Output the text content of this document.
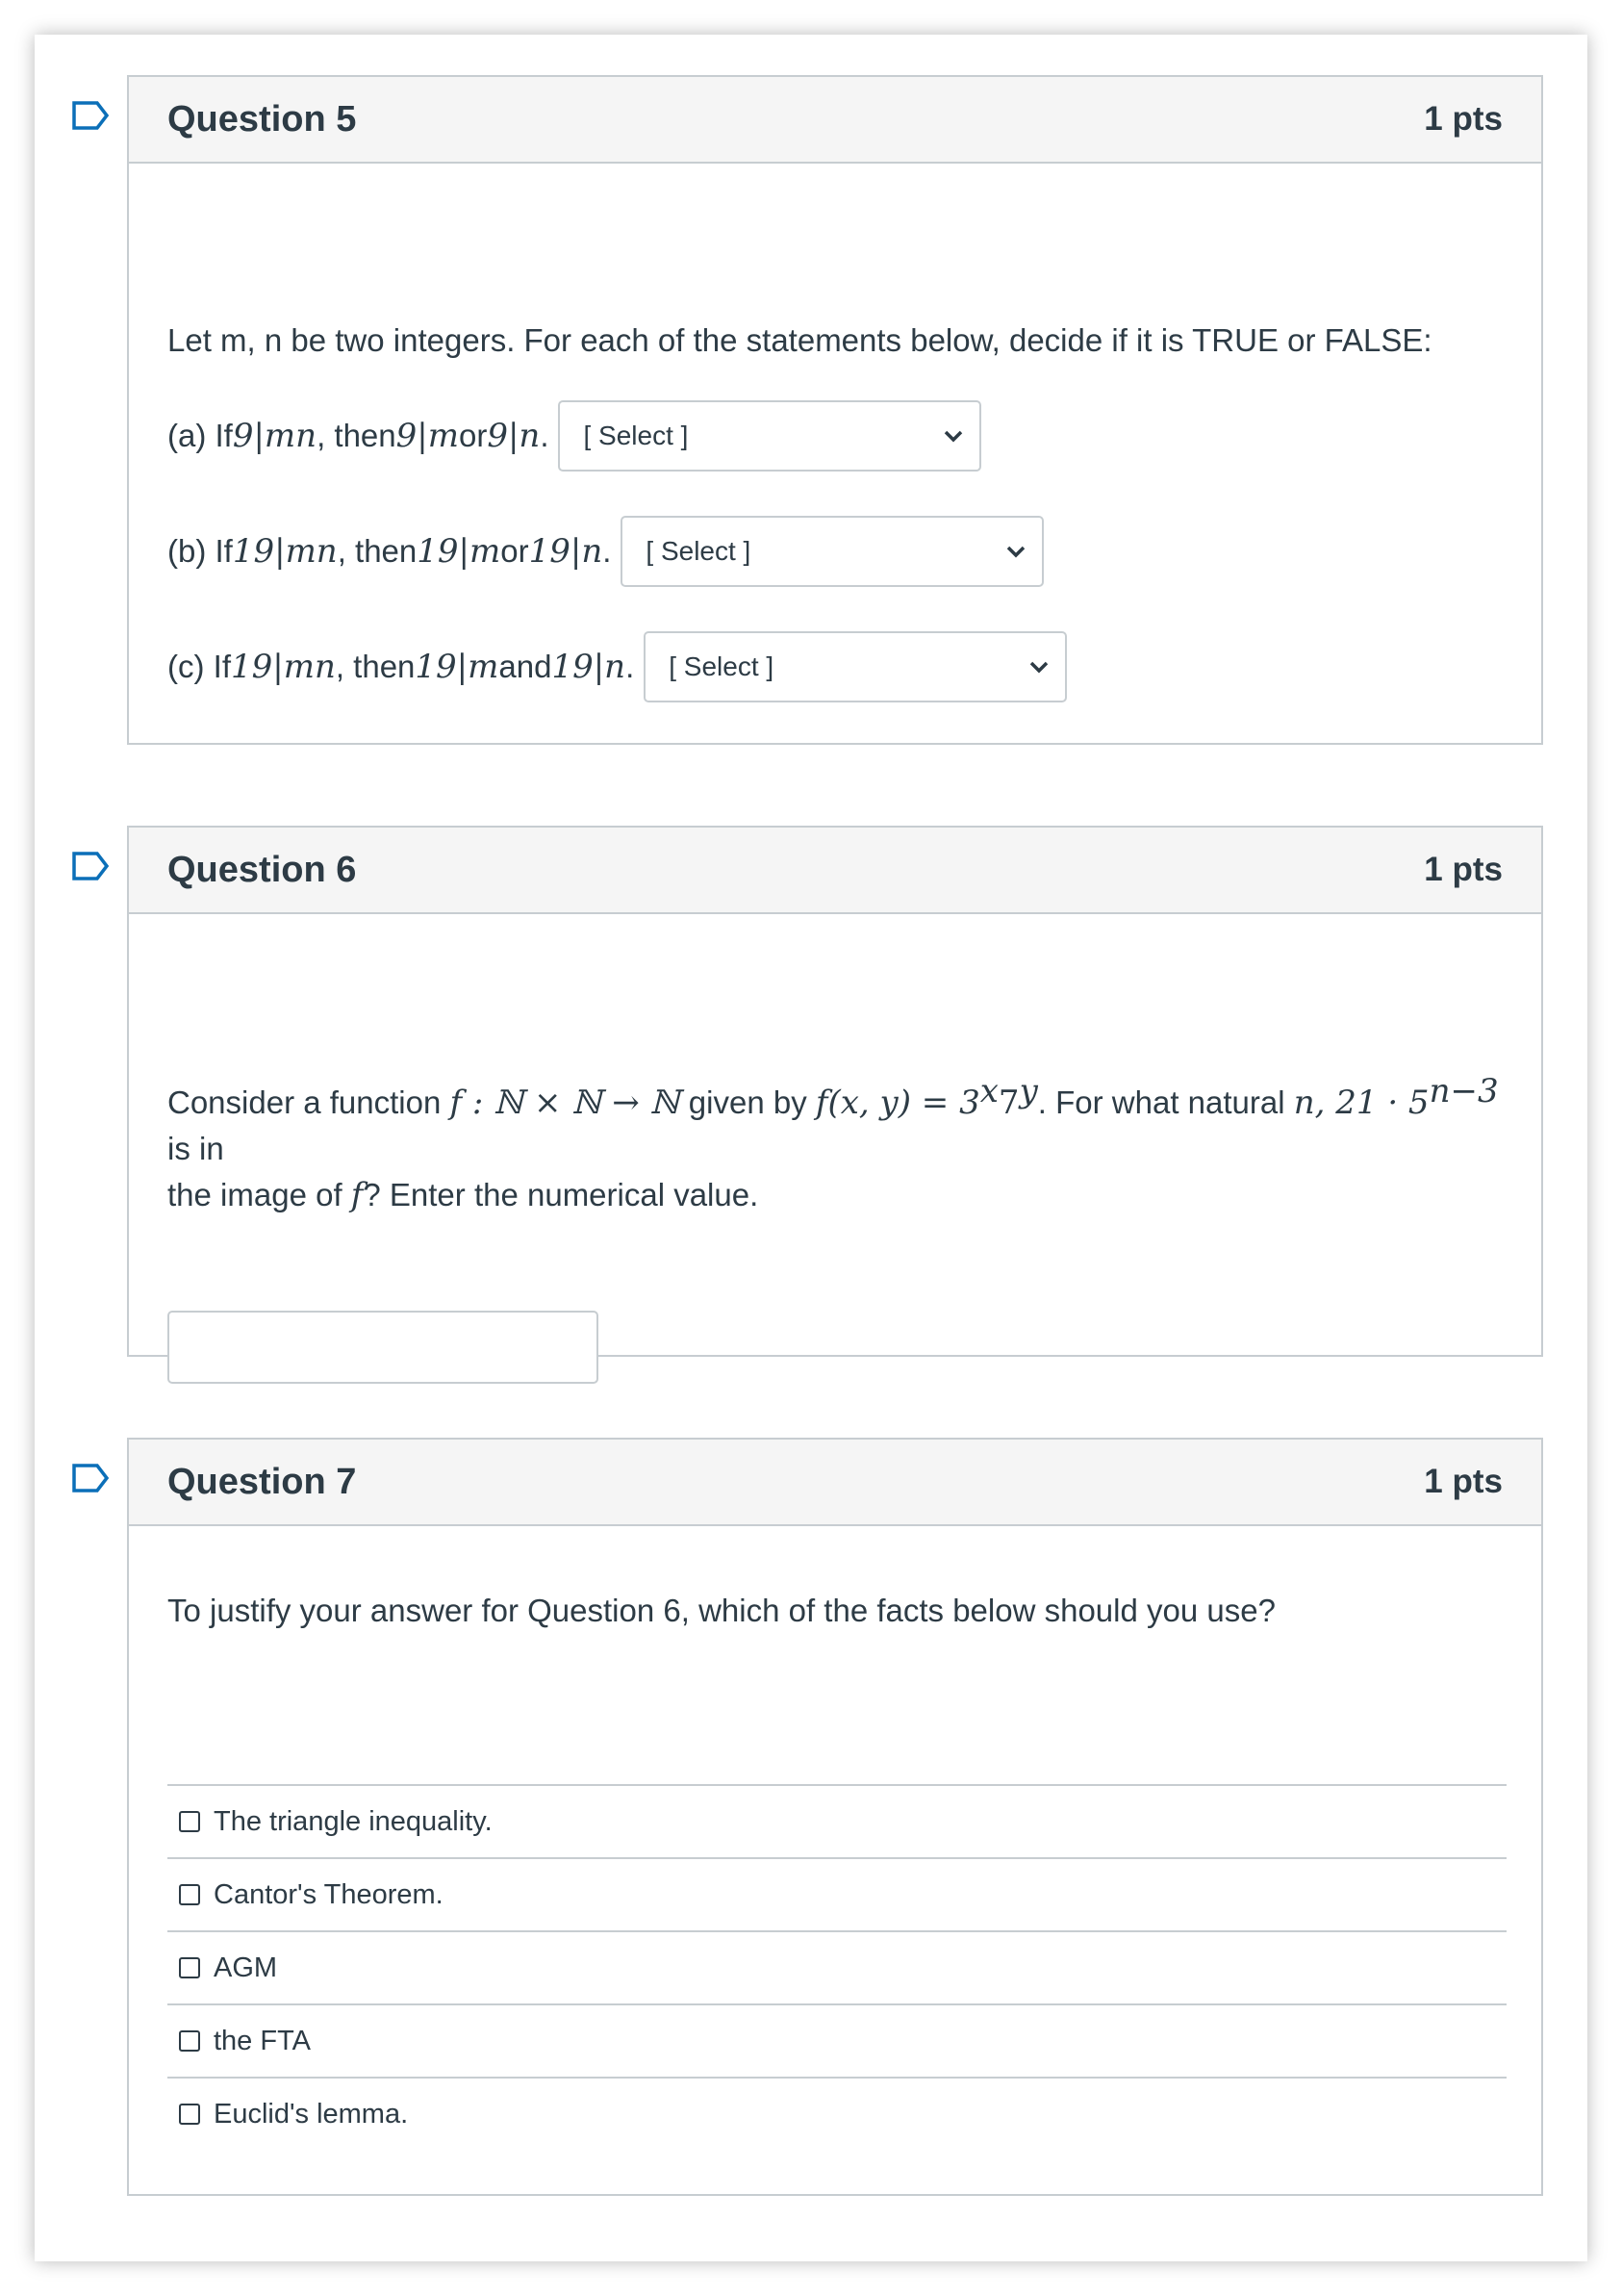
Question 5	1 pts
Let m, n be two integers. For each of the statements below, decide if it is TRUE or FALSE:
(a) If 9|mn , then 9|m or 9|n . [ Select ]
(b) If 19|mn , then 19|m or 19|n . [ Select ]
(c) If 19|mn , then 19|m and 19|n . [ Select ]
Question 6	1 pts
Consider a function f : ℕ × ℕ → ℕ given by f(x, $y) = 3^x7^y$. For what natural n, $21 \cdot 5^{n-3}$ is in
the image of f? Enter the numerical value.
Question 7	1 pts
To justify your answer for Question 6, which of the facts below should you use?
The triangle inequality.
Cantor's Theorem.
AGM
the FTA
Euclid's lemma.
